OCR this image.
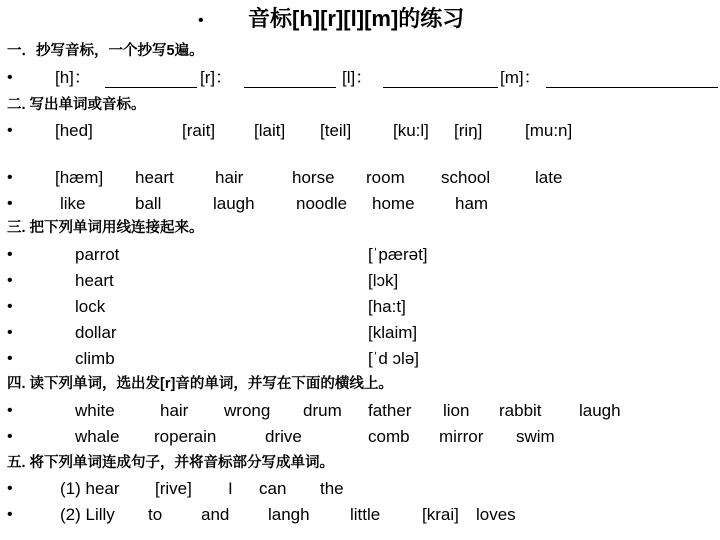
• 音标[h][r][l][m]的练习
一．抄写音标，一个抄写5遍。
• [h]：	[r]：	[l]：	[m]：
二. 写出单词或音标。
• [hed]	[rait] [lait] [teil] [ku:l] [riŋ]	[mu:n]
• [hæm] heart hair	horse room school	late
•	like	ball	laugh noodle home ham
三. 把下列单词用线连接起来。
•	parrot	[ˈpærət]
•	heart	[lɔk]
•	lock	[ha:t]
•	dollar	[klaim]
•	climb	[ˈd ɔlə]
四. 读下列单词，选出发[r]音的单词，并写在下面的横线上。
•	white	hair wrong drum father lion rabbit laugh
•	whale roperain	drive	comb mirror swim
五. 将下列单词连成句子，并将音标部分写成单词。
•	(1) hear [rive] I can the
•	(2) Lilly to and langh little [krai] loves
